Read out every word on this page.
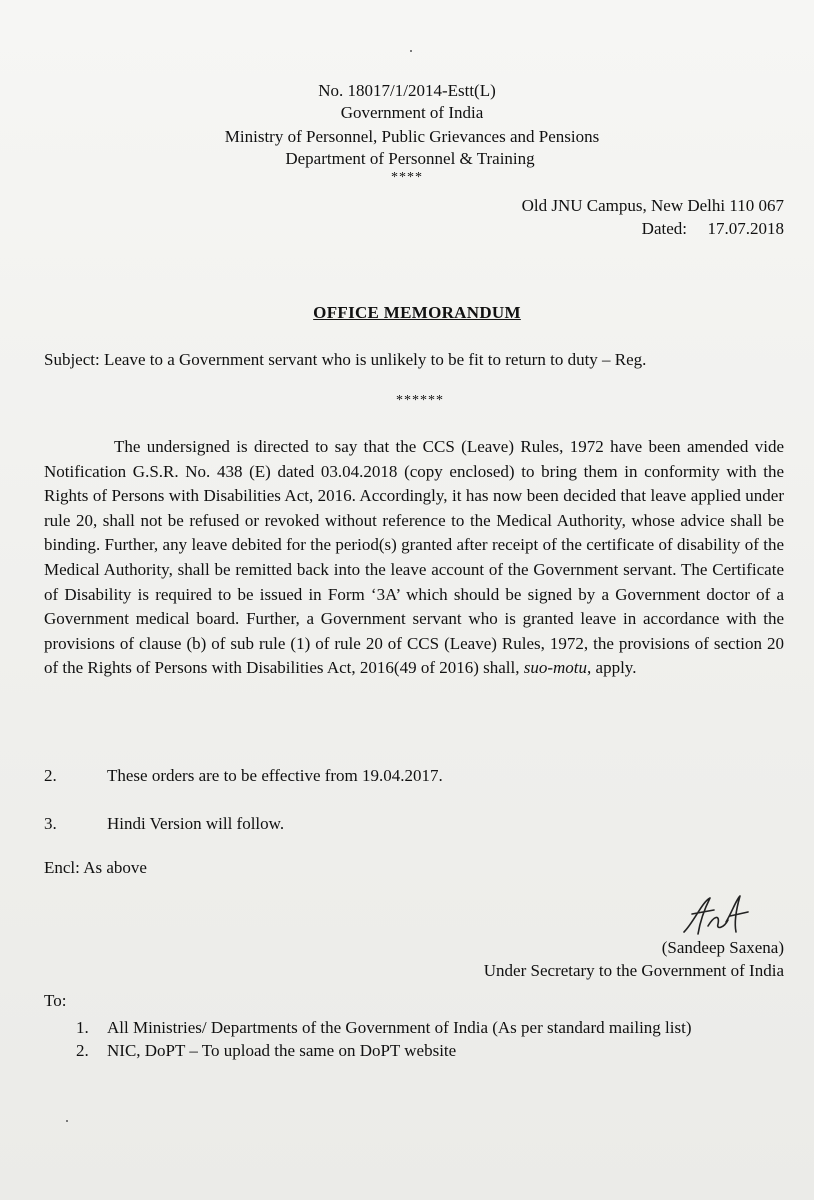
No. 18017/1/2014-Estt(L)
Government of India
Ministry of Personnel, Public Grievances and Pensions
Department of Personnel & Training
****
Old JNU Campus, New Delhi 110 067
Dated: 17.07.2018
OFFICE MEMORANDUM
Subject: Leave to a Government servant who is unlikely to be fit to return to duty – Reg.
******
The undersigned is directed to say that the CCS (Leave) Rules, 1972 have been amended vide Notification G.S.R. No. 438 (E) dated 03.04.2018 (copy enclosed) to bring them in conformity with the Rights of Persons with Disabilities Act, 2016. Accordingly, it has now been decided that leave applied under rule 20, shall not be refused or revoked without reference to the Medical Authority, whose advice shall be binding. Further, any leave debited for the period(s) granted after receipt of the certificate of disability of the Medical Authority, shall be remitted back into the leave account of the Government servant. The Certificate of Disability is required to be issued in Form ‘3A’ which should be signed by a Government doctor of a Government medical board. Further, a Government servant who is granted leave in accordance with the provisions of clause (b) of sub rule (1) of rule 20 of CCS (Leave) Rules, 1972, the provisions of section 20 of the Rights of Persons with Disabilities Act, 2016(49 of 2016) shall, suo-motu, apply.
2.	These orders are to be effective from 19.04.2017.
3.	Hindi Version will follow.
Encl: As above
(Sandeep Saxena)
Under Secretary to the Government of India
To:
1. All Ministries/ Departments of the Government of India (As per standard mailing list)
2. NIC, DoPT – To upload the same on DoPT website
